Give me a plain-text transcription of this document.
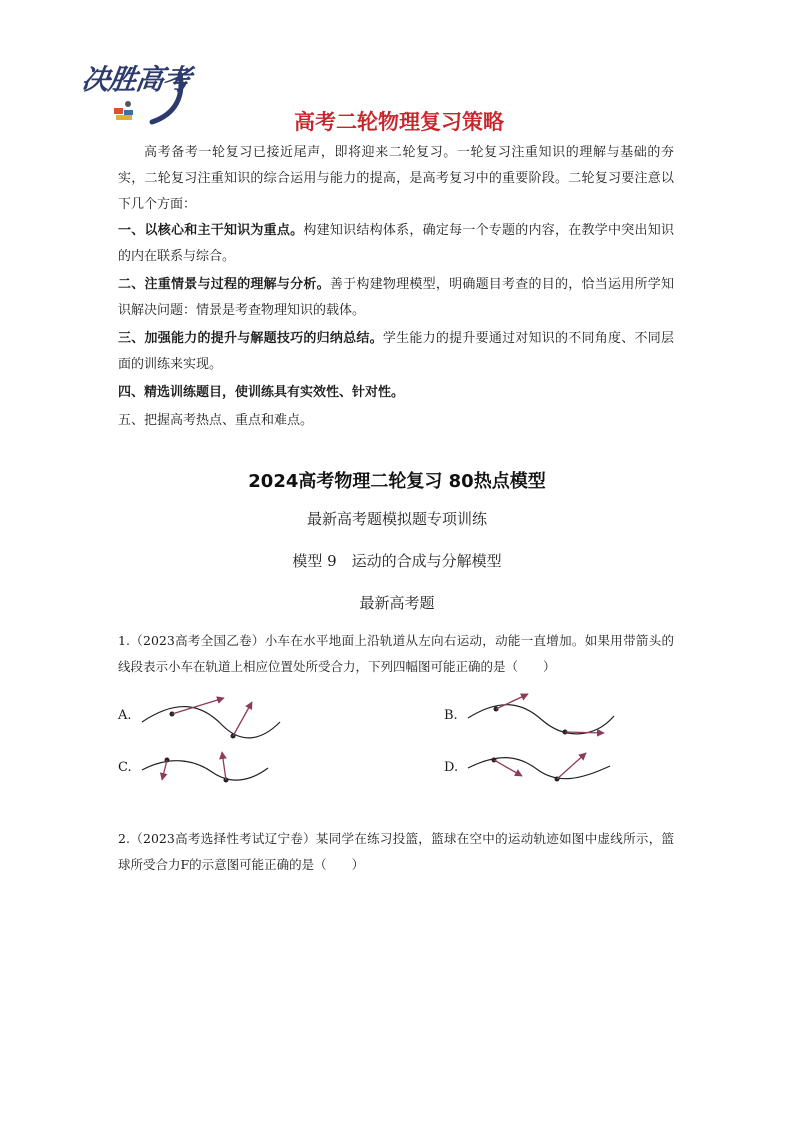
决胜高考
高考二轮物理复习策略
高考备考一轮复习已接近尾声，即将迎来二轮复习。一轮复习注重知识的理解与基础的夯实，二轮复习注重知识的综合运用与能力的提高，是高考复习中的重要阶段。二轮复习要注意以下几个方面：
一、以核心和主干知识为重点。构建知识结构体系，确定每一个专题的内容，在教学中突出知识的内在联系与综合。
二、注重情景与过程的理解与分析。善于构建物理模型，明确题目考查的目的，恰当运用所学知识解决问题：情景是考查物理知识的载体。
三、加强能力的提升与解题技巧的归纳总结。学生能力的提升要通过对知识的不同角度、不同层面的训练来实现。
四、精选训练题目，使训练具有实效性、针对性。
五、把握高考热点、重点和难点。
2024高考物理二轮复习 80热点模型
最新高考题模拟题专项训练
模型 9　运动的合成与分解模型
最新高考题
1.（2023高考全国乙卷）小车在水平地面上沿轨道从左向右运动，动能一直增加。如果用带箭头的线段表示小车在轨道上相应位置处所受合力，下列四幅图可能正确的是（　　）
A.	B.
C.	D.
2.（2023高考选择性考试辽宁卷）某同学在练习投篮，篮球在空中的运动轨迹如图中虚线所示，篮球所受合力F的示意图可能正确的是（　　）
